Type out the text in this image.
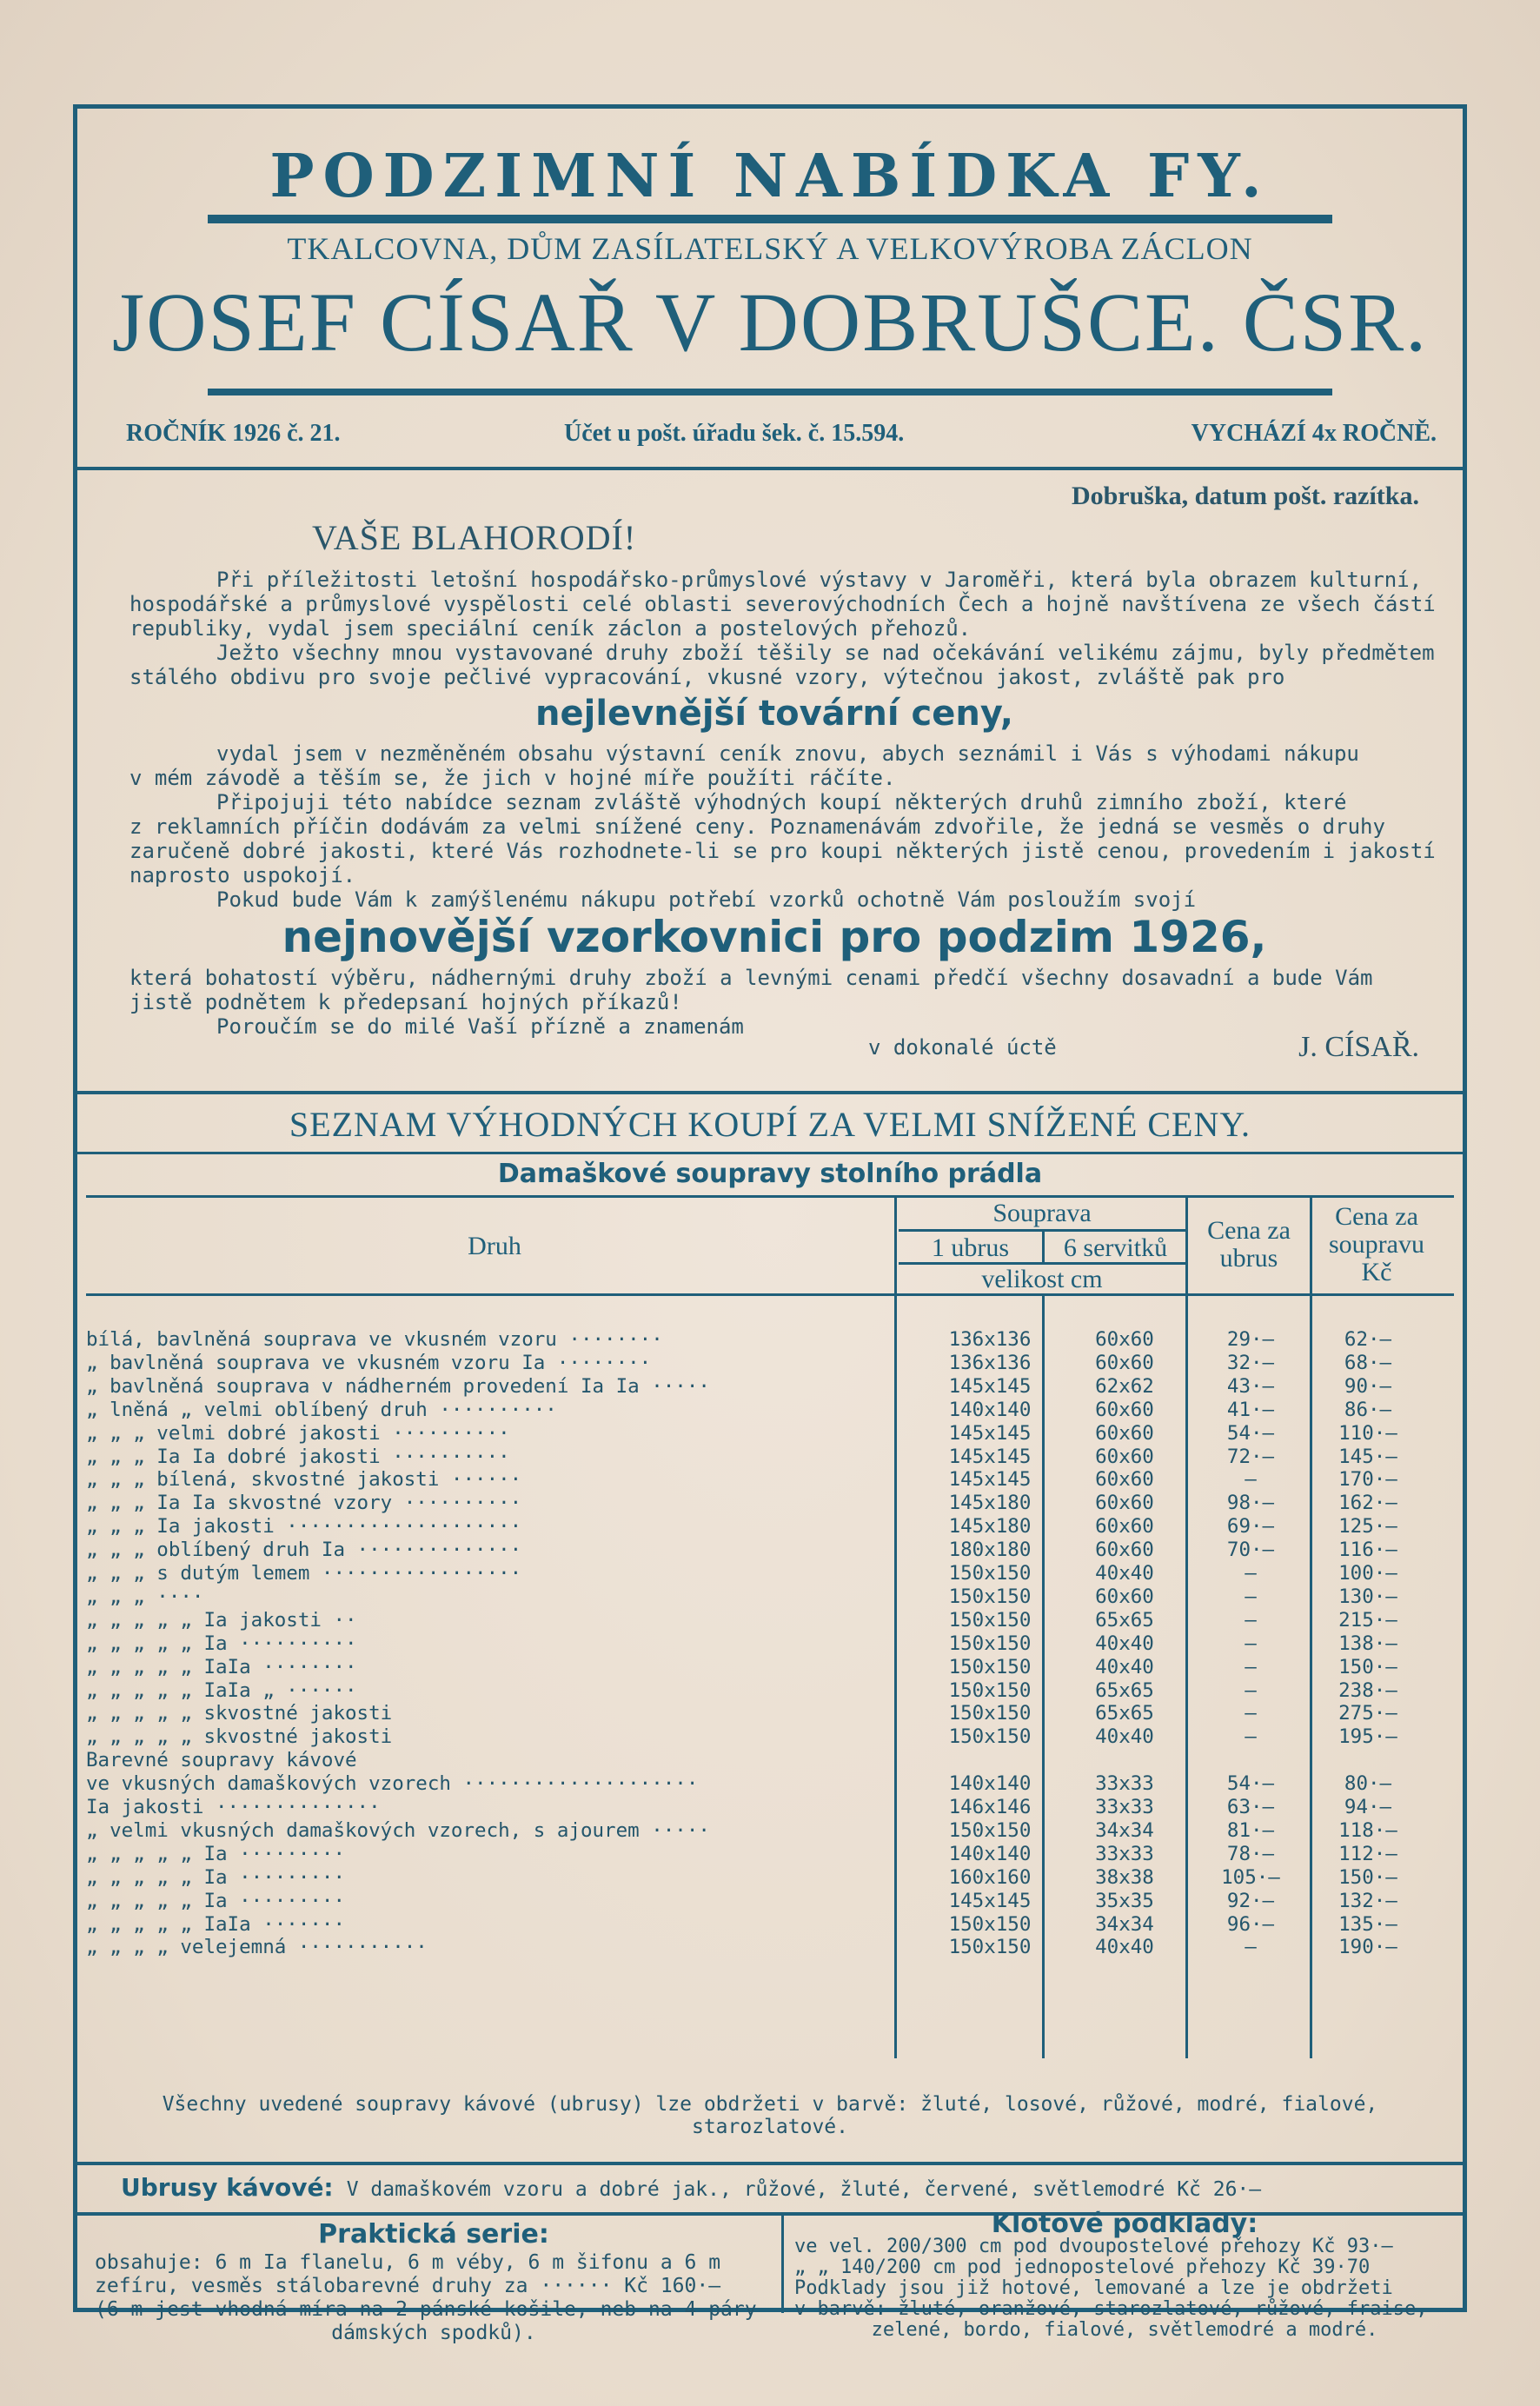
PODZIMNÍ NABÍDKA FY.
TKALCOVNA, DŮM ZASÍLATELSKÝ A VELKOVÝROBA ZÁCLON
JOSEF CÍSAŘ V DOBRUŠCE. ČSR.
ROČNÍK 1926 č. 21.	Účet u pošt. úřadu šek. č. 15.594.	VYCHÁZÍ 4x ROČNĚ.
Dobruška, datum pošt. razítka.
VAŠE BLAHORODÍ!

Při příležitosti letošní hospodářsko-průmyslové výstavy v Jaroměři, která byla obrazem kulturní,

hospodářské a průmyslové vyspělosti celé oblasti severovýchodních Čech a hojně navštívena ze všech částí

republiky, vydal jsem speciální ceník záclon a postelových přehozů.

Ježto všechny mnou vystavované druhy zboží těšily se nad očekávání velikému zájmu, byly předmětem

stálého obdivu pro svoje pečlivé vypracování, vkusné vzory, výtečnou jakost, zvláště pak pro

nejlevnější tovární ceny,

vydal jsem v nezměněném obsahu výstavní ceník znovu, abych seznámil i Vás s výhodami nákupu

v mém závodě a těším se, že jich v hojné míře použíti ráčíte.

Připojuji této nabídce seznam zvláště výhodných koupí některých druhů zimního zboží, které

z reklamních příčin dodávám za velmi snížené ceny. Poznamenávám zdvořile, že jedná se vesměs o druhy

zaručeně dobré jakosti, které Vás rozhodnete-li se pro koupi některých jistě cenou, provedením i jakostí

naprosto uspokojí.

Pokud bude Vám k zamýšlenému nákupu potřebí vzorků ochotně Vám posloužím svojí

nejnovější vzorkovnici pro podzim 1926,

která bohatostí výběru, nádhernými druhy zboží a levnými cenami předčí všechny dosavadní a bude Vám

jistě podnětem k předepsaní hojných příkazů!

Poroučím se do milé Vaší přízně a znamenám

v dokonalé úctě	J. CÍSAŘ.
SEZNAM VÝHODNÝCH KOUPÍ ZA VELMI SNÍŽENÉ CENY.
Damaškové soupravy stolního prádla
Druh
Souprava
1 ubrus	6 servitků
velikost cm
Cena za ubrus
Cena za soupravu Kč
bílá, bavlněná souprava ve vkusném vzoru ········	136x136	60x60	29·—	62·—
„ bavlněná souprava ve vkusném vzoru Ia ········	136x136	60x60	32·—	68·—
„ bavlněná souprava v nádherném provedení Ia Ia ·····	145x145	62x62	43·—	90·—
„ lněná „ velmi oblíbený druh ··········	140x140	60x60	41·—	86·—
„ „ „ velmi dobré jakosti ··········	145x145	60x60	54·—	110·—
„ „ „ Ia Ia dobré jakosti ··········	145x145	60x60	72·—	145·—
„ „ „ bílená, skvostné jakosti ······	145x145	60x60	—	170·—
„ „ „ Ia Ia skvostné vzory ··········	145x180	60x60	98·—	162·—
„ „ „ Ia jakosti ····················	145x180	60x60	69·—	125·—
„ „ „ oblíbený druh Ia ··············	180x180	60x60	70·—	116·—
„ „ „ s dutým lemem ·················	150x150	40x40	—	100·—
„ „ „ ····	150x150	60x60	—	130·—
„ „ „ „ „ Ia jakosti ··	150x150	65x65	—	215·—
„ „ „ „ „ Ia ··········	150x150	40x40	—	138·—
„ „ „ „ „ IaIa ········	150x150	40x40	—	150·—
„ „ „ „ „ IaIa „ ······	150x150	65x65	—	238·—
„ „ „ „ „ skvostné jakosti	150x150	65x65	—	275·—
„ „ „ „ „ skvostné jakosti	150x150	40x40	—	195·—
Barevné soupravy kávové
ve vkusných damaškových vzorech ····················	140x140	33x33	54·—	80·—
Ia jakosti ··············	146x146	33x33	63·—	94·—
„ velmi vkusných damaškových vzorech, s ajourem ·····	150x150	34x34	81·—	118·—
„ „ „ „ „ Ia ·········	140x140	33x33	78·—	112·—
„ „ „ „ „ Ia ·········	160x160	38x38	105·—	150·—
„ „ „ „ „ Ia ·········	145x145	35x35	92·—	132·—
„ „ „ „ „ IaIa ·······	150x150	34x34	96·—	135·—
„ „ „ „ velejemná ···········	150x150	40x40	—	190·—
Všechny uvedené soupravy kávové (ubrusy) lze obdržeti v barvě: žluté, losové, růžové, modré, fialové,
starozlatové.
Ubrusy kávové: V damaškovém vzoru a dobré jak., růžové, žluté, červené, světlemodré Kč 26·—
Praktická serie:
obsahuje: 6 m Ia flanelu, 6 m véby, 6 m šifonu a 6 m
zefíru, vesměs stálobarevné druhy za ······ Kč 160·—
(6 m jest vhodná míra na 2 pánské košile, neb na 4 páry
dámských spodků).
Klotové podklady:
ve vel. 200/300 cm pod dvoupostelové přehozy Kč 93·—
„ „ 140/200 cm pod jednopostelové přehozy Kč 39·70
Podklady jsou již hotové, lemované a lze je obdržeti
v barvě: žluté, oranžové, starozlatové, růžové, fraise,
zelené, bordo, fialové, světlemodré a modré.
